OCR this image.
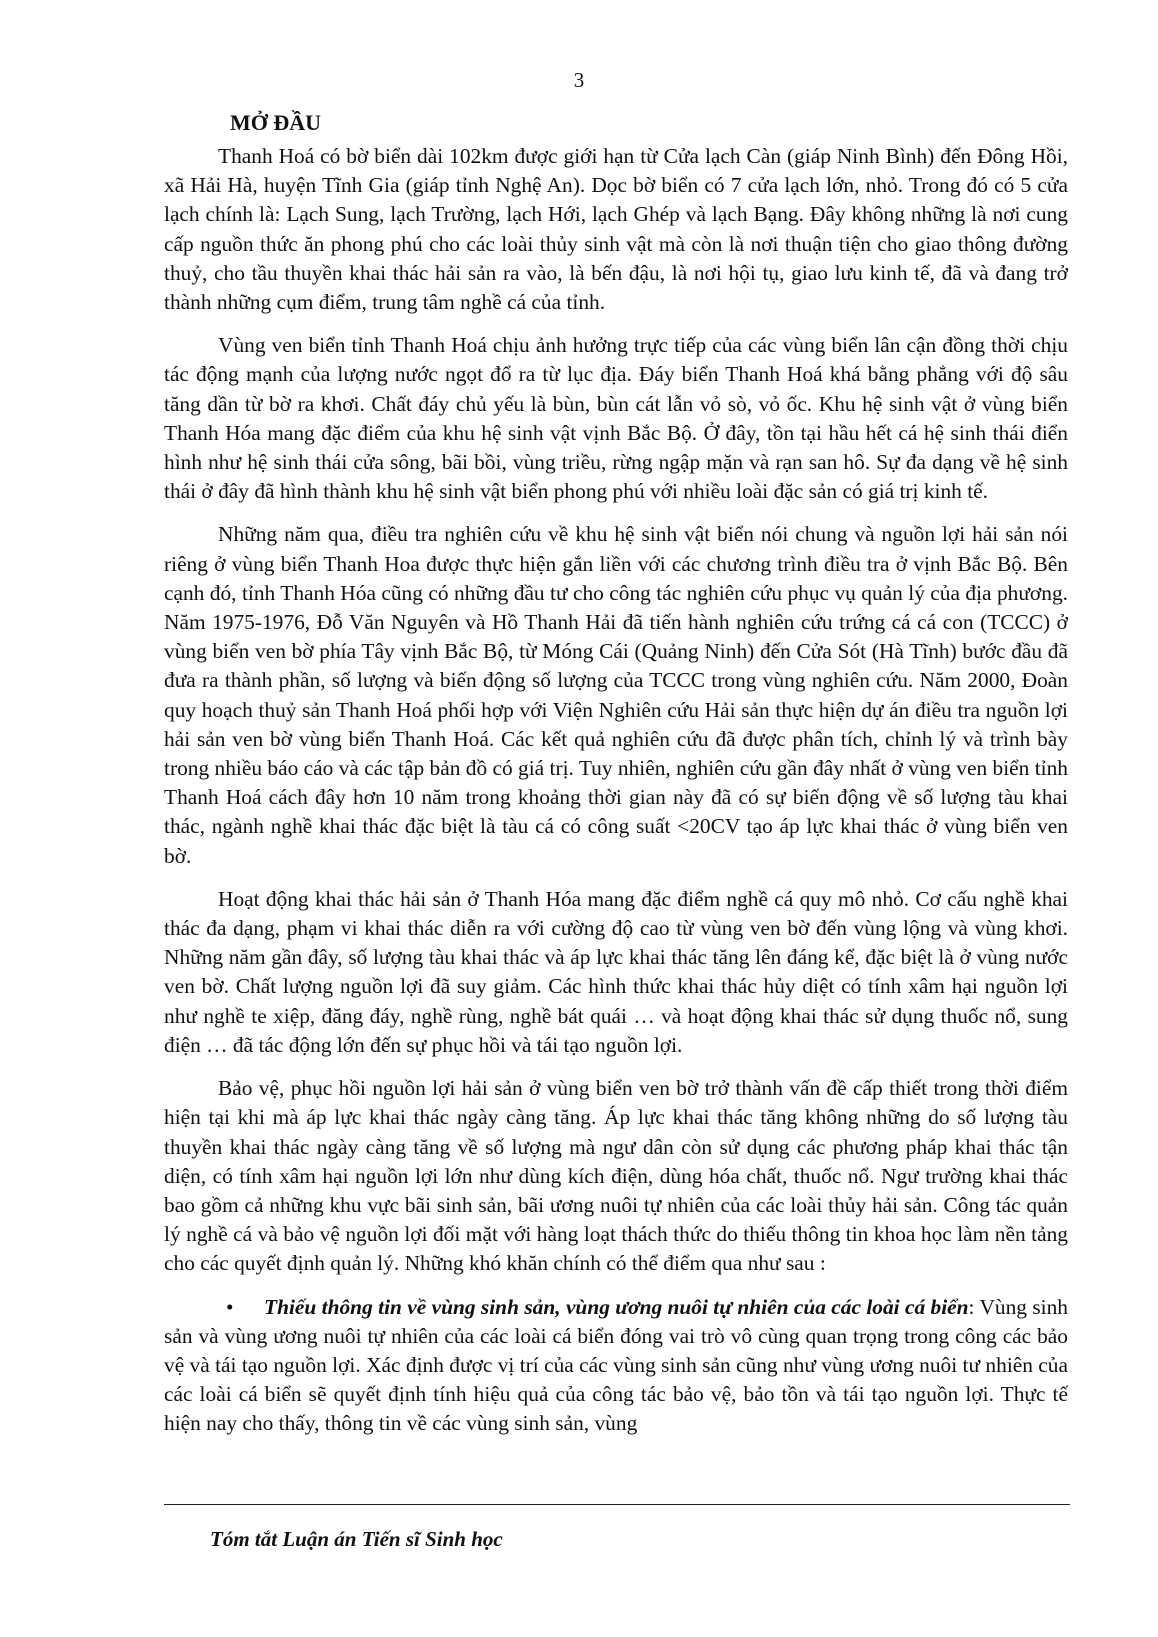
3
MỞ ĐẦU

Thanh Hoá có bờ biển dài 102km được giới hạn từ Cửa lạch Càn (giáp Ninh Bình) đến Đông Hồi, xã Hải Hà, huyện Tĩnh Gia (giáp tỉnh Nghệ An). Dọc bờ biển có 7 cửa lạch lớn, nhỏ. Trong đó có 5 cửa lạch chính là: Lạch Sung, lạch Trường, lạch Hới, lạch Ghép và lạch Bạng. Đây không những là nơi cung cấp nguồn thức ăn phong phú cho các loài thủy sinh vật mà còn là nơi thuận tiện cho giao thông đường thuỷ, cho tầu thuyền khai thác hải sản ra vào, là bến đậu, là nơi hội tụ, giao lưu kinh tế, đã và đang trở thành những cụm điểm, trung tâm nghề cá của tỉnh.

Vùng ven biển tỉnh Thanh Hoá chịu ảnh hưởng trực tiếp của các vùng biển lân cận đồng thời chịu tác động mạnh của lượng nước ngọt đổ ra từ lục địa. Đáy biển Thanh Hoá khá bằng phẳng với độ sâu tăng dần từ bờ ra khơi. Chất đáy chủ yếu là bùn, bùn cát lẫn vỏ sò, vỏ ốc. Khu hệ sinh vật ở vùng biển Thanh Hóa mang đặc điểm của khu hệ sinh vật vịnh Bắc Bộ. Ở đây, tồn tại hầu hết cá hệ sinh thái điển hình như hệ sinh thái cửa sông, bãi bồi, vùng triều, rừng ngập mặn và rạn san hô. Sự đa dạng về hệ sinh thái ở đây đã hình thành khu hệ sinh vật biển phong phú với nhiều loài đặc sản có giá trị kinh tế.

Những năm qua, điều tra nghiên cứu về khu hệ sinh vật biển nói chung và nguồn lợi hải sản nói riêng ở vùng biển Thanh Hoa được thực hiện gắn liền với các chương trình điều tra ở vịnh Bắc Bộ. Bên cạnh đó, tỉnh Thanh Hóa cũng có những đầu tư cho công tác nghiên cứu phục vụ quản lý của địa phương. Năm 1975-1976, Đỗ Văn Nguyên và Hồ Thanh Hải đã tiến hành nghiên cứu trứng cá cá con (TCCC) ở vùng biển ven bờ phía Tây vịnh Bắc Bộ, từ Móng Cái (Quảng Ninh) đến Cửa Sót (Hà Tĩnh) bước đầu đã đưa ra thành phần, số lượng và biến động số lượng của TCCC trong vùng nghiên cứu. Năm 2000, Đoàn quy hoạch thuỷ sản Thanh Hoá phối hợp với Viện Nghiên cứu Hải sản thực hiện dự án điều tra nguồn lợi hải sản ven bờ vùng biển Thanh Hoá. Các kết quả nghiên cứu đã được phân tích, chỉnh lý và trình bày trong nhiều báo cáo và các tập bản đồ có giá trị. Tuy nhiên, nghiên cứu gần đây nhất ở vùng ven biển tỉnh Thanh Hoá cách đây hơn 10 năm trong khoảng thời gian này đã có sự biến động về số lượng tàu khai thác, ngành nghề khai thác đặc biệt là tàu cá có công suất <20CV tạo áp lực khai thác ở vùng biển ven bờ.

Hoạt động khai thác hải sản ở Thanh Hóa mang đặc điểm nghề cá quy mô nhỏ. Cơ cấu nghề khai thác đa dạng, phạm vi khai thác diễn ra với cường độ cao từ vùng ven bờ đến vùng lộng và vùng khơi. Những năm gần đây, số lượng tàu khai thác và áp lực khai thác tăng lên đáng kể, đặc biệt là ở vùng nước ven bờ. Chất lượng nguồn lợi đã suy giảm. Các hình thức khai thác hủy diệt có tính xâm hại nguồn lợi như nghề te xiệp, đăng đáy, nghề rùng, nghề bát quái … và hoạt động khai thác sử dụng thuốc nổ, sung điện … đã tác động lớn đến sự phục hồi và tái tạo nguồn lợi.

Bảo vệ, phục hồi nguồn lợi hải sản ở vùng biển ven bờ trở thành vấn đề cấp thiết trong thời điểm hiện tại khi mà áp lực khai thác ngày càng tăng. Áp lực khai thác tăng không những do số lượng tàu thuyền khai thác ngày càng tăng về số lượng mà ngư dân còn sử dụng các phương pháp khai thác tận diện, có tính xâm hại nguồn lợi lớn như dùng kích điện, dùng hóa chất, thuốc nổ. Ngư trường khai thác bao gồm cả những khu vực bãi sinh sản, bãi ương nuôi tự nhiên của các loài thủy hải sản. Công tác quản lý nghề cá và bảo vệ nguồn lợi đối mặt với hàng loạt thách thức do thiếu thông tin khoa học làm nền tảng cho các quyết định quản lý. Những khó khăn chính có thể điểm qua như sau :

• Thiếu thông tin về vùng sinh sản, vùng ương nuôi tự nhiên của các loài cá biển: Vùng sinh sản và vùng ương nuôi tự nhiên của các loài cá biển đóng vai trò vô cùng quan trọng trong công các bảo vệ và tái tạo nguồn lợi. Xác định được vị trí của các vùng sinh sản cũng như vùng ương nuôi tư nhiên của các loài cá biển sẽ quyết định tính hiệu quả của công tác bảo vệ, bảo tồn và tái tạo nguồn lợi. Thực tế hiện nay cho thấy, thông tin về các vùng sinh sản, vùng
Tóm tắt Luận án Tiến sĩ Sinh học
